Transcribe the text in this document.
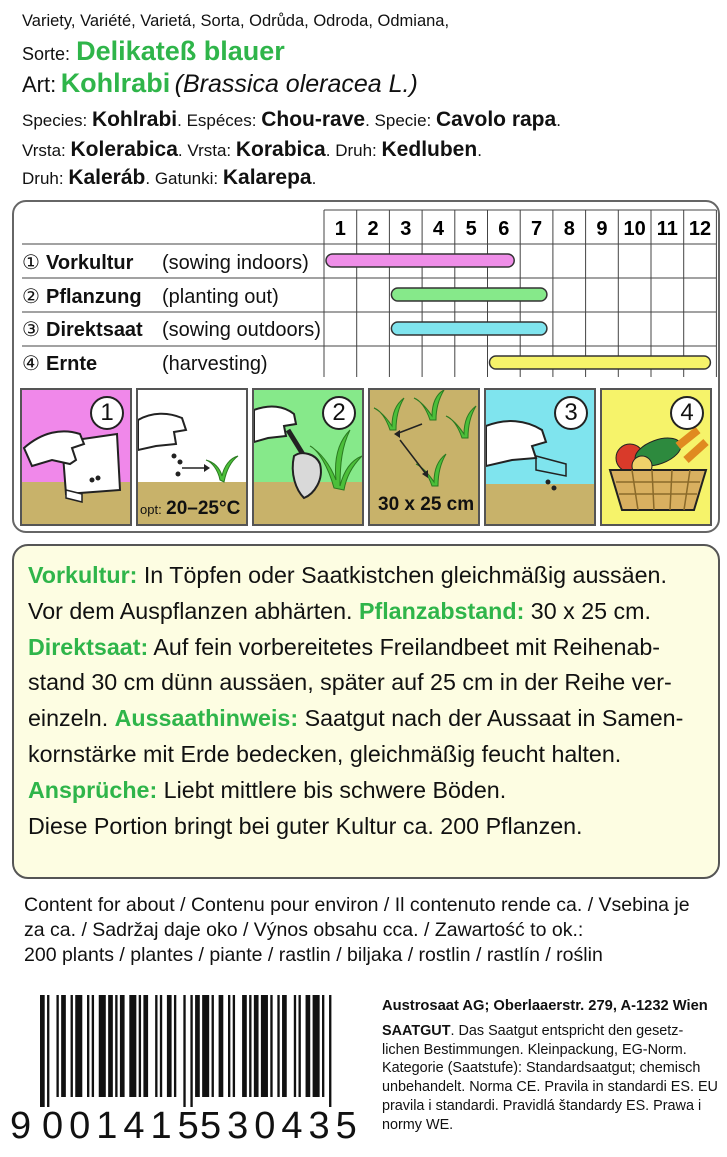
Variety, Variété, Varietá, Sorta, Odrůda, Odroda, Odmiana,
Sorte: Delikateß blauer
Art: Kohlrabi (Brassica oleracea L.)
Species: Kohlrabi. Espéces: Chou-rave. Specie: Cavolo rapa.
Vrsta: Kolerabica. Vrsta: Korabica. Druh: Kedluben.
Druh: Kaleráb. Gatunki: Kalarepa.
1 2 3 4 5 6 7 8 9 10 11 12
① Vorkultur (sowing indoors)
② Pflanzung (planting out)
③ Direktsaat (sowing outdoors)
④ Ernte	(harvesting)
1
opt: 20–25°C
2
30 x 25 cm
3	4

Vorkultur: In Töpfen oder Saatkistchen gleichmäßig aussäen.

Vor dem Auspflanzen abhärten. Pflanzabstand: 30 x 25 cm.

Direktsaat: Auf fein vorbereitetes Freilandbeet mit Reihenab-

stand 30 cm dünn aussäen, später auf 25 cm in der Reihe ver-

einzeln. Aussaathinweis: Saatgut nach der Aussaat in Samen-

kornstärke mit Erde bedecken, gleichmäßig feucht halten.

Ansprüche: Liebt mittlere bis schwere Böden.

Diese Portion bringt bei guter Kultur ca. 200 Pflanzen.

Content for about / Contenu pour environ / Il contenuto rende ca. / Vsebina je
za ca. / Sadržaj daje oko / Výnos obsahu cca. / Zawartość to ok.:
200 plants / plantes / piante / rastlin / biljaka / rostlin / rastlín / roślin
9 001415
530435
Austrosaat AG; Oberlaaerstr. 279, A-1232 Wien
SAATGUT. Das Saatgut entspricht den gesetz- lichen Bestimmungen. Kleinpackung, EG-Norm. Kategorie (Saatstufe): Standardsaatgut; chemisch unbehandelt. Norma CE. Pravila in standardi ES. EU pravila i standardi. Pravidlá štandardy ES. Prawa i normy WE.
